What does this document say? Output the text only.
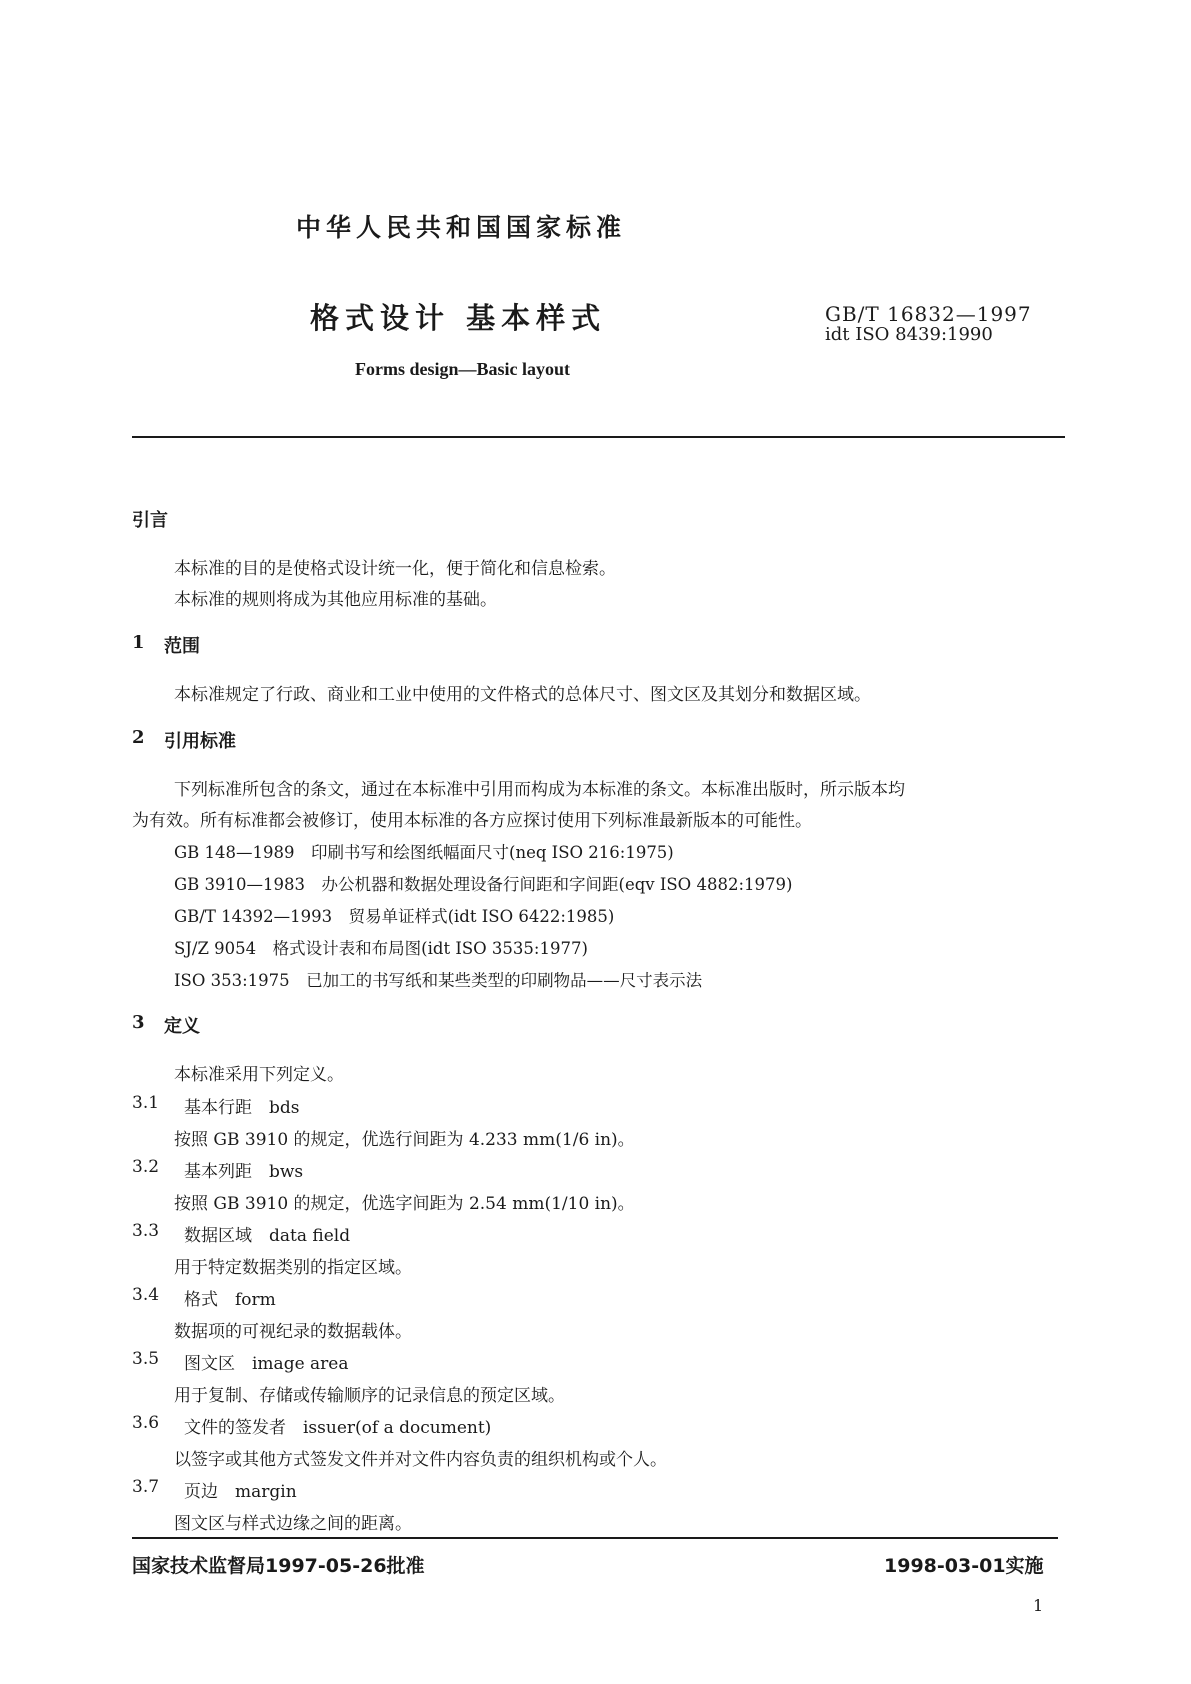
中华人民共和国国家标准
格式设计 基本样式	GB/T 16832—1997
idt ISO 8439:1990
Forms design—Basic layout
引言
本标准的目的是使格式设计统一化，便于简化和信息检索。
本标准的规则将成为其他应用标准的基础。
1 范围
本标准规定了行政、商业和工业中使用的文件格式的总体尺寸、图文区及其划分和数据区域。
2 引用标准
下列标准所包含的条文，通过在本标准中引用而构成为本标准的条文。本标准出版时，所示版本均
为有效。所有标准都会被修订，使用本标准的各方应探讨使用下列标准最新版本的可能性。
GB 148—1989　印刷书写和绘图纸幅面尺寸(neq ISO 216:1975)
GB 3910—1983　办公机器和数据处理设备行间距和字间距(eqv ISO 4882:1979)
GB/T 14392—1993　贸易单证样式(idt ISO 6422:1985)
SJ/Z 9054　格式设计表和布局图(idt ISO 3535:1977)
ISO 353:1975　已加工的书写纸和某些类型的印刷物品——尺寸表示法
3 定义
本标准采用下列定义。
3.1 基本行距　bds
按照 GB 3910 的规定，优选行间距为 4.233 mm(1/6 in)。
3.2 基本列距　bws
按照 GB 3910 的规定，优选字间距为 2.54 mm(1/10 in)。
3.3 数据区域　data field
用于特定数据类别的指定区域。
3.4 格式　form
数据项的可视纪录的数据载体。
3.5 图文区　image area
用于复制、存储或传输顺序的记录信息的预定区域。
3.6 文件的签发者　issuer(of a document)
以签字或其他方式签发文件并对文件内容负责的组织机构或个人。
3.7 页边　margin
图文区与样式边缘之间的距离。
国家技术监督局1997-05-26批准	1998-03-01实施
1
